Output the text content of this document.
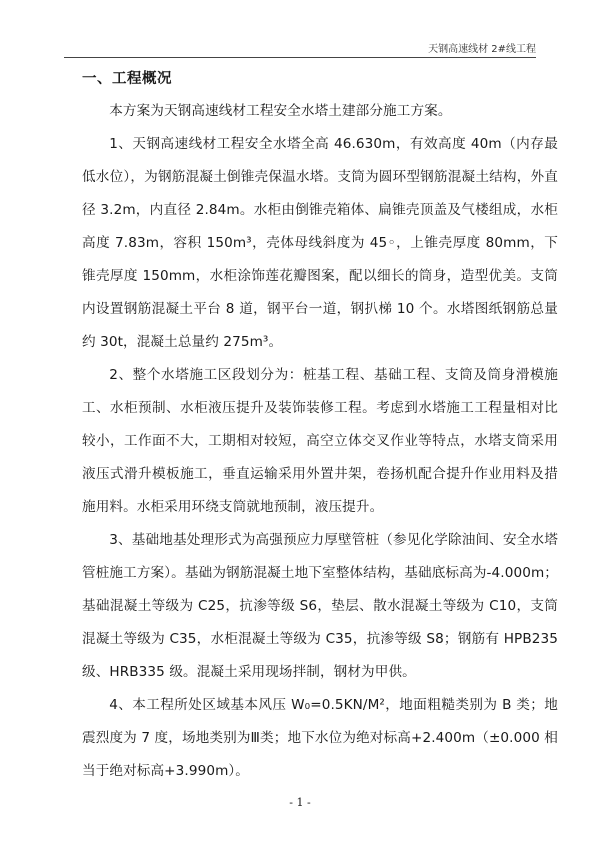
天钢高速线材 2#线工程
一、工程概况

本方案为天钢高速线材工程安全水塔土建部分施工方案。

1、天钢高速线材工程安全水塔全高 46.630m，有效高度 40m（内存最低水位），为钢筋混凝土倒锥壳保温水塔。支筒为圆环型钢筋混凝土结构，外直径 3.2m，内直径 2.84m。水柜由倒锥壳箱体、扁锥壳顶盖及气楼组成，水柜高度 7.83m，容积 150m³，壳体母线斜度为 45◦，上锥壳厚度 80mm，下锥壳厚度 150mm，水柜涂饰莲花瓣图案，配以细长的筒身，造型优美。支筒内设置钢筋混凝土平台 8 道，钢平台一道，钢扒梯 10 个。水塔图纸钢筋总量约 30t，混凝土总量约 275m³。

2、整个水塔施工区段划分为：桩基工程、基础工程、支筒及筒身滑模施工、水柜预制、水柜液压提升及装饰装修工程。考虑到水塔施工工程量相对比较小，工作面不大，工期相对较短，高空立体交叉作业等特点，水塔支筒采用液压式滑升模板施工，垂直运输采用外置井架，卷扬机配合提升作业用料及措施用料。水柜采用环绕支筒就地预制，液压提升。

3、基础地基处理形式为高强预应力厚壁管桩（参见化学除油间、安全水塔管桩施工方案）。基础为钢筋混凝土地下室整体结构，基础底标高为-4.000m；基础混凝土等级为 C25，抗渗等级 S6，垫层、散水混凝土等级为 C10，支筒混凝土等级为 C35，水柜混凝土等级为 C35，抗渗等级 S8；钢筋有 HPB235 级、HRB335 级。混凝土采用现场拌制，钢材为甲供。

4、本工程所处区域基本风压 W₀=0.5KN/M²，地面粗糙类别为 B 类；地震烈度为 7 度，场地类别为Ⅲ类；地下水位为绝对标高+2.400m（±0.000 相当于绝对标高+3.990m）。

- 1 -
